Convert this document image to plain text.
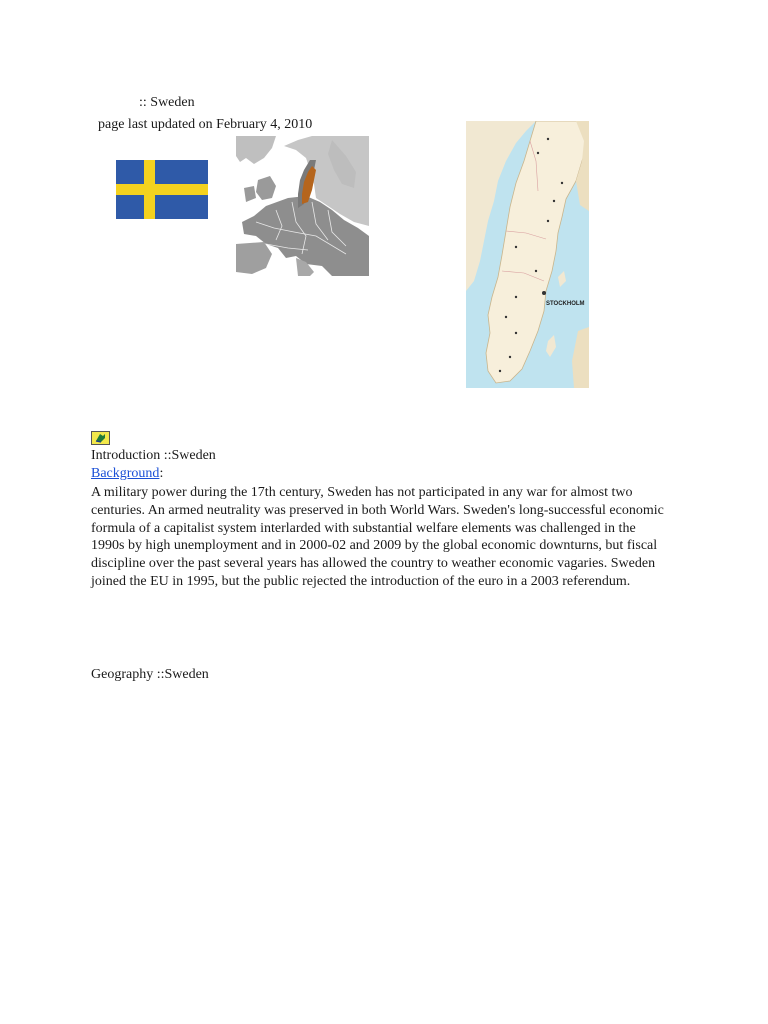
:: Sweden
page last updated on February 4, 2010
STOCKHOLM
Introduction ::Sweden
Background:
A military power during the 17th century, Sweden has not participated in any war for almost two centuries. An armed neutrality was preserved in both World Wars. Sweden's long-successful economic formula of a capitalist system interlarded with substantial welfare elements was challenged in the 1990s by high unemployment and in 2000-02 and 2009 by the global economic downturns, but fiscal discipline over the past several years has allowed the country to weather economic vagaries. Sweden joined the EU in 1995, but the public rejected the introduction of the euro in a 2003 referendum.
Geography ::Sweden
